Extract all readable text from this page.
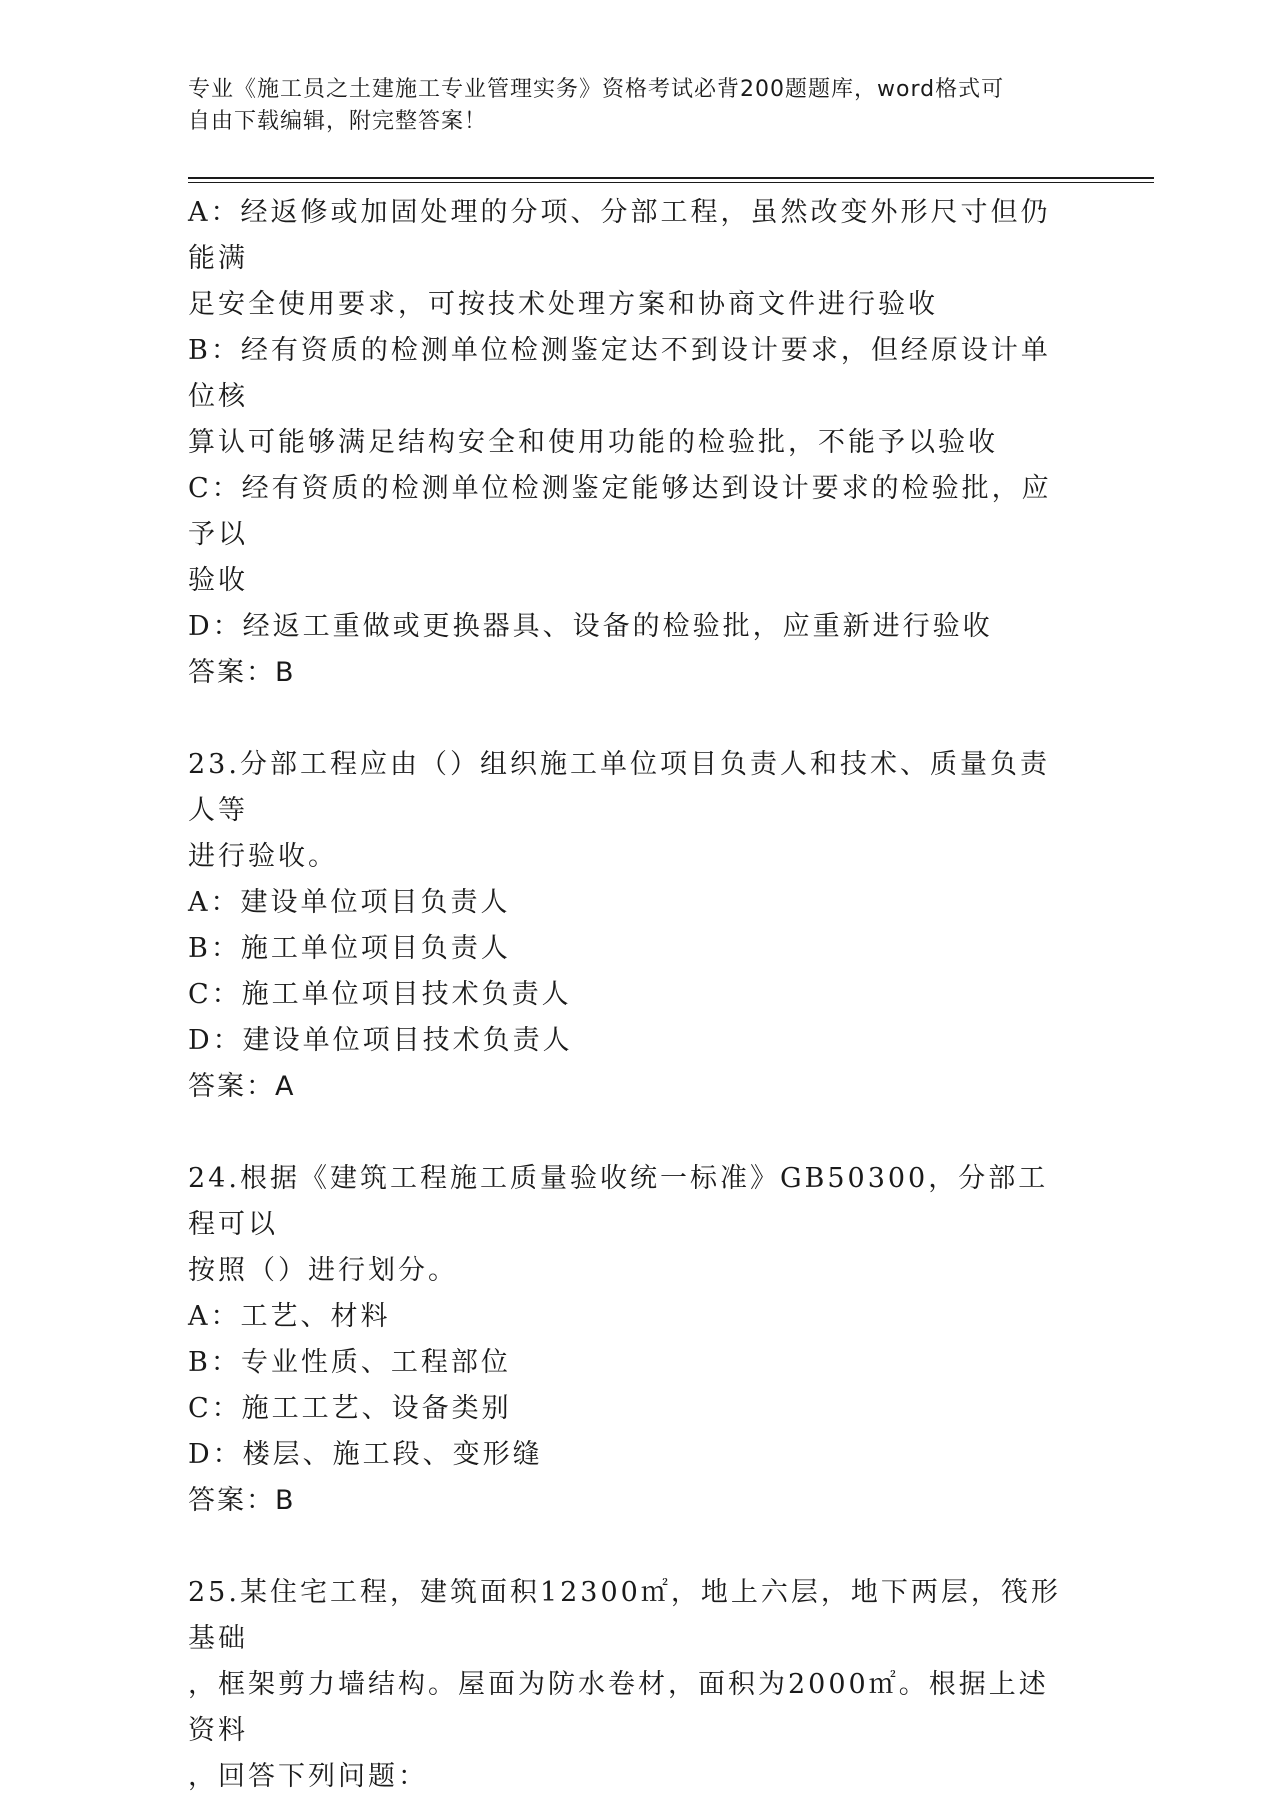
专业《施工员之土建施工专业管理实务》资格考试必背200题题库，word格式可
自由下载编辑，附完整答案！

A：经返修或加固处理的分项、分部工程，虽然改变外形尺寸但仍能满

足安全使用要求，可按技术处理方案和协商文件进行验收

B：经有资质的检测单位检测鉴定达不到设计要求，但经原设计单位核

算认可能够满足结构安全和使用功能的检验批，不能予以验收

C：经有资质的检测单位检测鉴定能够达到设计要求的检验批，应予以

验收

D：经返工重做或更换器具、设备的检验批，应重新进行验收

答案：B

23.分部工程应由（）组织施工单位项目负责人和技术、质量负责人等

进行验收。

A：建设单位项目负责人

B：施工单位项目负责人

C：施工单位项目技术负责人

D：建设单位项目技术负责人

答案：A

24.根据《建筑工程施工质量验收统一标准》GB50300，分部工程可以

按照（）进行划分。

A：工艺、材料

B：专业性质、工程部位

C：施工工艺、设备类别

D：楼层、施工段、变形缝

答案：B

25.某住宅工程，建筑面积12300㎡，地上六层，地下两层，筏形基础

，框架剪力墙结构。屋面为防水卷材，面积为2000㎡。根据上述资料

，回答下列问题：
